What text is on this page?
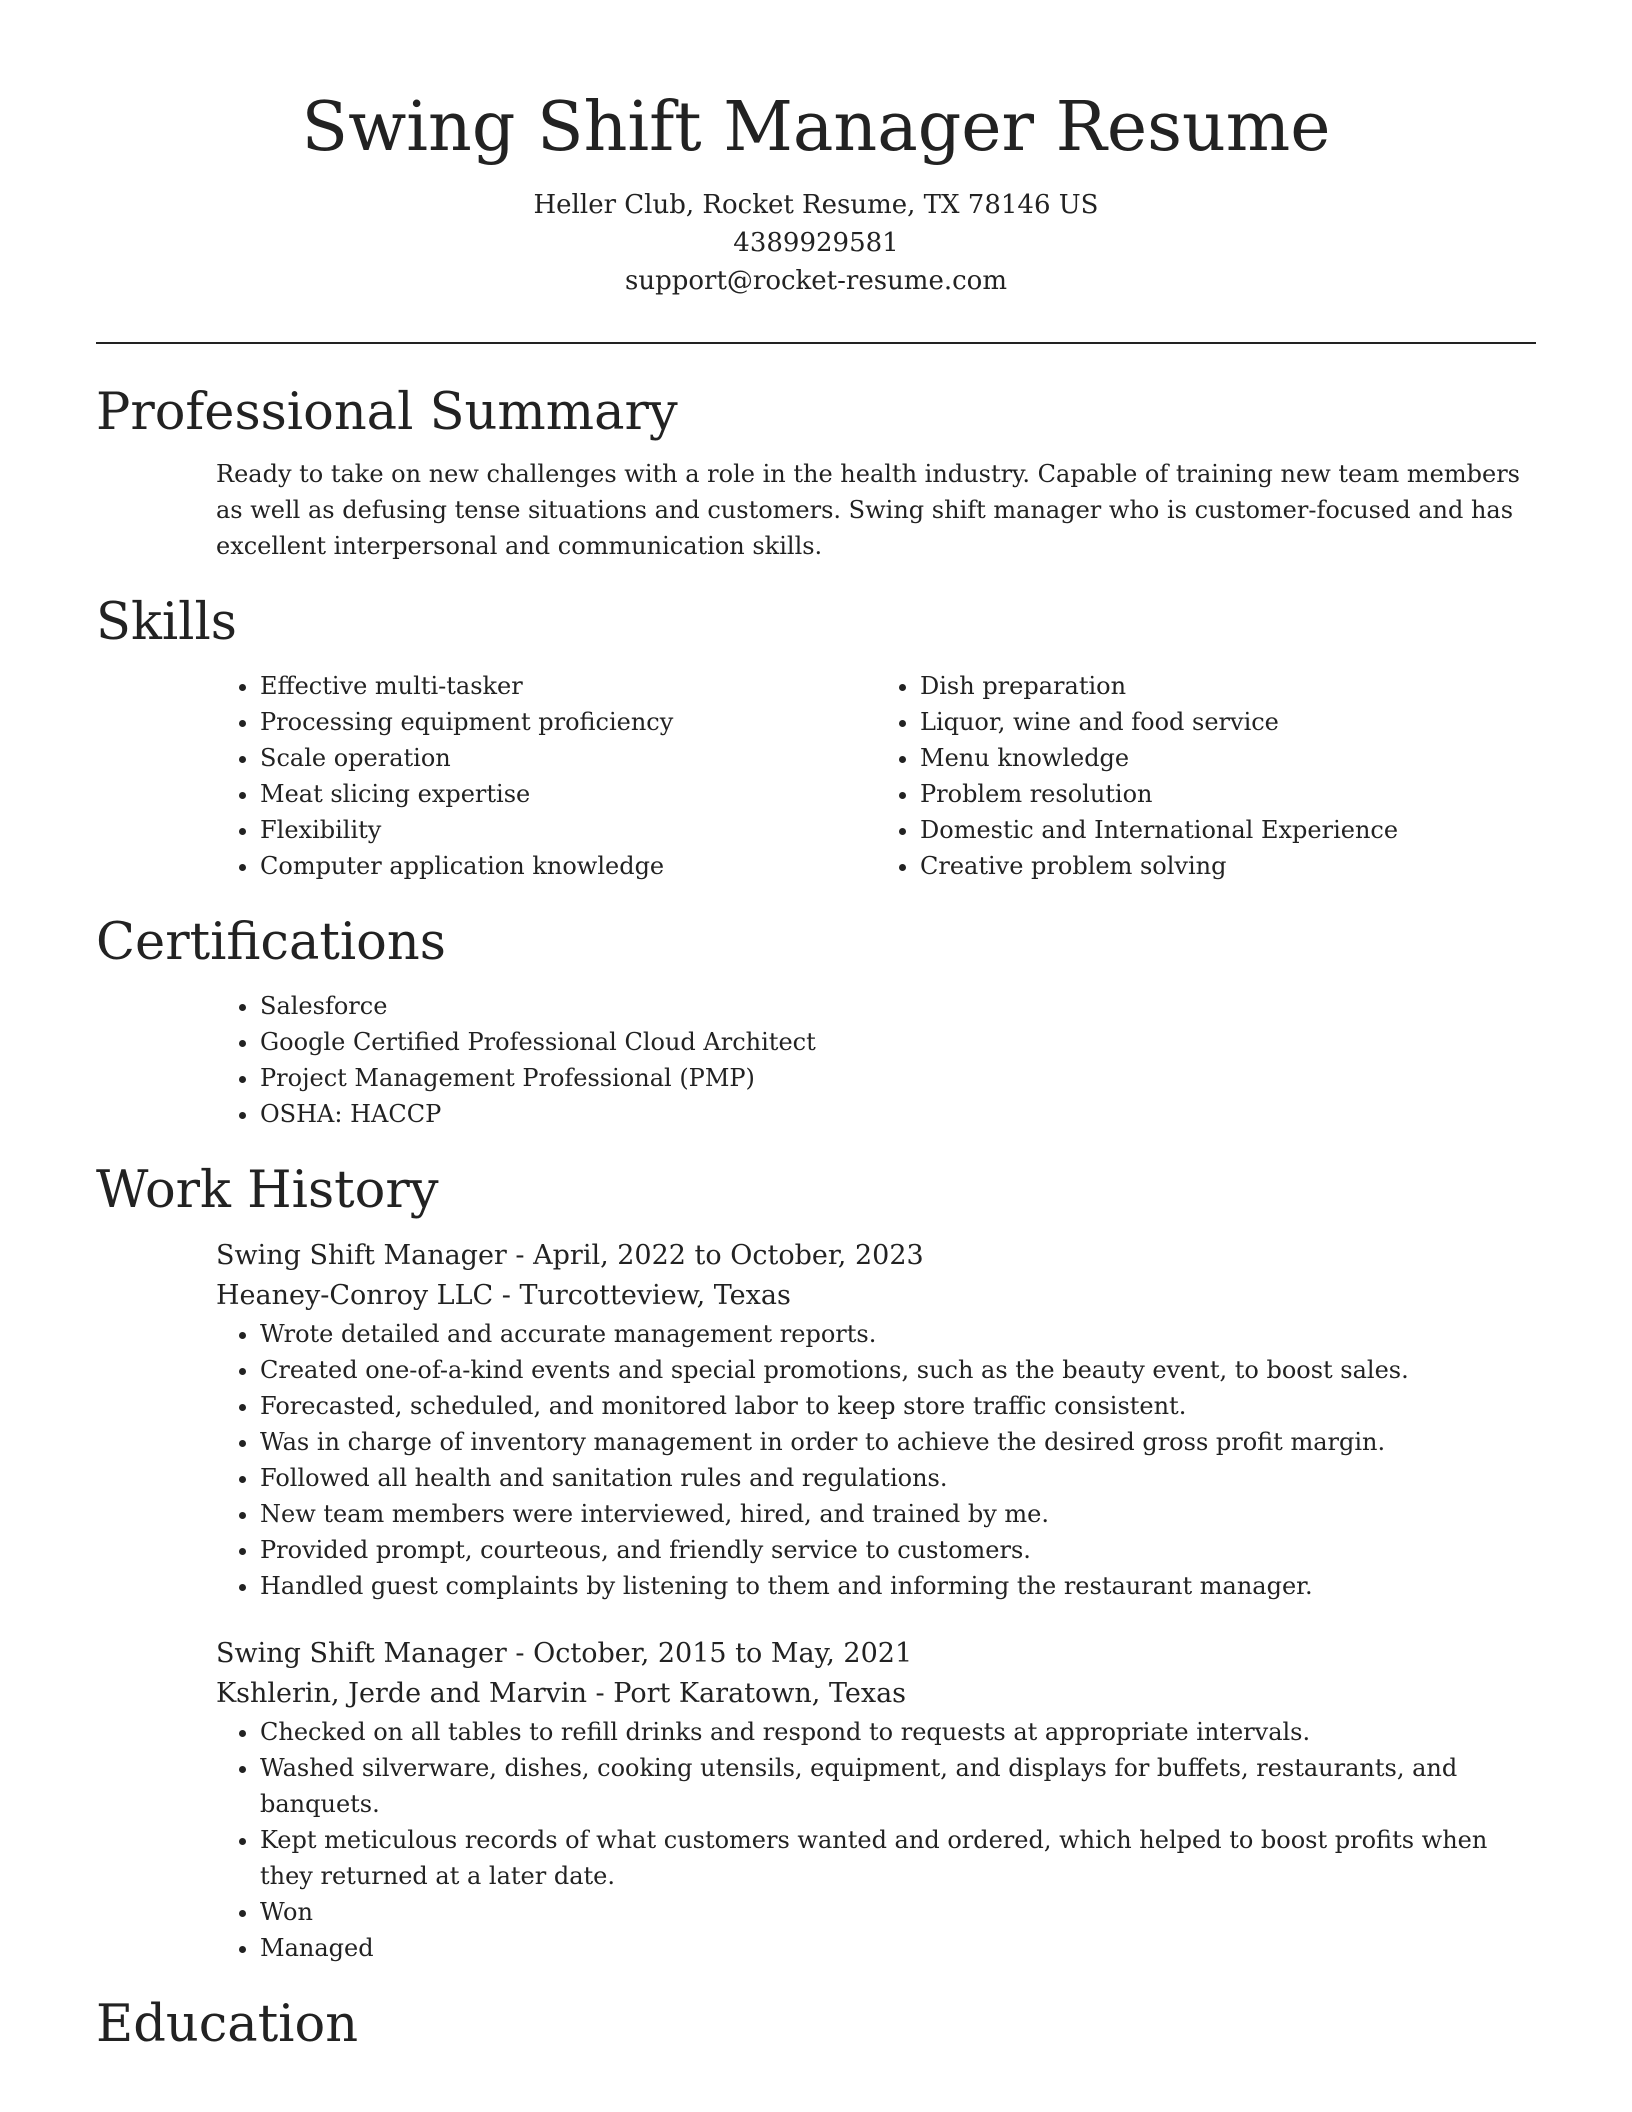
Swing Shift Manager Resume
Heller Club, Rocket Resume, TX 78146 US
4389929581
support@rocket-resume.com
Professional Summary
Ready to take on new challenges with a role in the health industry. Capable of training new team members as well as defusing tense situations and customers. Swing shift manager who is customer-focused and has excellent interpersonal and communication skills.
Skills
• Effective multi-tasker
• Processing equipment proficiency
• Scale operation
• Meat slicing expertise
• Flexibility
• Computer application knowledge
• Dish preparation
• Liquor, wine and food service
• Menu knowledge
• Problem resolution
• Domestic and International Experience
• Creative problem solving
Certifications
• Salesforce
• Google Certified Professional Cloud Architect
• Project Management Professional (PMP)
• OSHA: HACCP
Work History
Swing Shift Manager - April, 2022 to October, 2023
Heaney-Conroy LLC - Turcotteview, Texas
• Wrote detailed and accurate management reports.
• Created one-of-a-kind events and special promotions, such as the beauty event, to boost sales.
• Forecasted, scheduled, and monitored labor to keep store traffic consistent.
• Was in charge of inventory management in order to achieve the desired gross profit margin.
• Followed all health and sanitation rules and regulations.
• New team members were interviewed, hired, and trained by me.
• Provided prompt, courteous, and friendly service to customers.
• Handled guest complaints by listening to them and informing the restaurant manager.
Swing Shift Manager - October, 2015 to May, 2021
Kshlerin, Jerde and Marvin - Port Karatown, Texas
• Checked on all tables to refill drinks and respond to requests at appropriate intervals.
• Washed silverware, dishes, cooking utensils, equipment, and displays for buffets, restaurants, and banquets.
• Kept meticulous records of what customers wanted and ordered, which helped to boost profits when they returned at a later date.
• Won
• Managed
Education
